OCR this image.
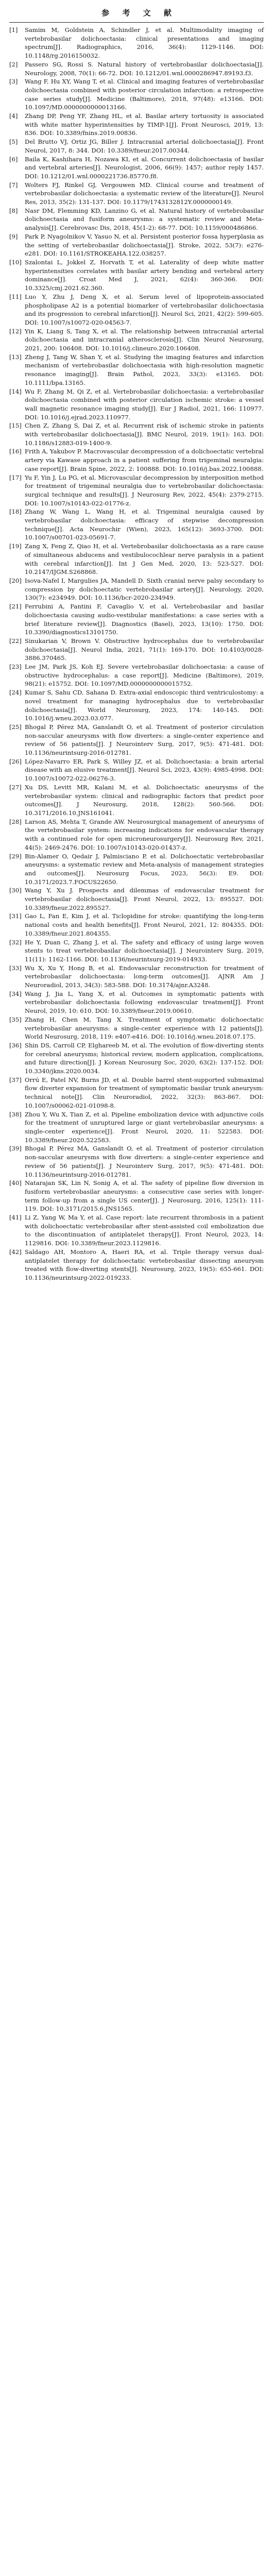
参 考 文 献
[1]	Samim M, Goldstein A, Schindler J, et al. Multimodality imaging of vertebrobasilar dolichoectasia: clinical presentations and imaging spectrum[J]. Radiographics, 2016, 36(4): 1129-1146. DOI: 10.1148/rg.2016150032.
[2]	Passero SG, Rossi S. Natural history of vertebrobasilar dolichoectasia[J]. Neurology, 2008, 70(1): 66-72. DOI: 10.1212/01.wnl.0000286947.89193.f3.
[3]	Wang F, Hu XY, Wang T, et al. Clinical and imaging features of vertebrobasilar dolichoectasia combined with posterior circulation infarction: a retrospective case series study[J]. Medicine (Baltimore), 2018, 97(48): e13166. DOI: 10.1097/MD.0000000000013166.
[4]	Zhang DP, Peng YF, Zhang HL, et al. Basilar artery tortuosity is associated with white matter hyperintensities by TIMP-1[J]. Front Neurosci, 2019, 13: 836. DOI: 10.3389/fnins.2019.00836.
[5]	Del Brutto VJ, Ortiz JG, Biller J. Intracranial arterial dolichoectasia[J]. Front Neurol, 2017, 8: 344. DOI: 10.3389/fneur.2017.00344.
[6]	Baila K, Kashihara H, Nozawa KI, et al. Concurrent dolichoectasia of basilar and vertebral arteries[J]. Neurologist, 2006, 66(9): 1457; author reply 1457. DOI: 10.1212/01.wnl.0000221736.85770.f8.
[7]	Wolters FJ, Rinkel GJ, Vergouwen MD. Clinical course and treatment of vertebrobasilar dolichoectasia: a systematic review of the literature[J]. Neurol Res, 2013, 35(2): 131-137. DOI: 10.1179/1743132812Y.0000000149.
[8]	Nasr DM, Flemming KD, Lanzino G, et al. Natural history of vertebrobasilar dolichoectasia and fusiform aneurysms: a systematic review and Meta-analysis[J]. Cerebrovasc Dis, 2018, 45(1-2): 68-77. DOI: 10.1159/000486866.
[9]	Park P, Nyagolnikov V, Yasuo N, et al. Persistent posterior fossa hyperplasia as the setting of vertebrobasilar dolichoectasia[J]. Stroke, 2022, 53(7): e276-e281. DOI: 10.1161/STROKEAHA.122.038257.
[10] Szalontai L, Jokkel Z, Horvath T, et al. Laterality of deep white matter hyperintensities correlates with basilar artery bending and vertebral artery dominance[J]. Croat Med J, 2021, 62(4): 360-366. DOI: 10.3325/cmj.2021.62.360.
[11] Luo Y, Zhu J, Deng X, et al. Serum level of lipoprotein-associated phospholipase A2 is a potential biomarker of vertebrobasilar dolichoectasia and its progression to cerebral infarction[J]. Neurol Sci, 2021, 42(2): 599-605. DOI: 10.1007/s10072-020-04563-7.
[12] Yin K, Liang S, Tang X, et al. The relationship between intracranial arterial dolichoectasia and intracranial atherosclerosis[J]. Clin Neurol Neurosurg, 2021, 200: 106408. DOI: 10.1016/j.clineuro.2020.106408.
[13] Zheng J, Tang W, Shan Y, et al. Studying the imaging features and infarction mechanism of vertebrobasilar dolichoectasia with high-resolution magnetic resonance imaging[J]. Brain Pathol, 2023, 33(3): e13165. DOI: 10.1111/bpa.13165.
[14] Wu F, Zhang M, Qi Z, et al. Vertebrobasilar dolichoectasia: a vertebrobasilar dolichoectasia combined with posterior circulation ischemic stroke: a vessel wall magnetic resonance imaging study[J]. Eur J Radiol, 2021, 166: 110977. DOI: 10.1016/j.ejrad.2023.110977.
[15] Chen Z, Zhang S, Dai Z, et al. Recurrent risk of ischemic stroke in patients with vertebrobasilar dolichoectasia[J]. BMC Neurol, 2019, 19(1): 163. DOI: 10.1186/s12883-019-1400-9.
[16] Frith A, Yakubov P. Macrovascular decompression of a dolichoectatic vertebral artery via Kawase approach in a patient suffering from trigeminal neuralgia: case report[J]. Brain Spine, 2022, 2: 100888. DOI: 10.1016/j.bas.2022.100888.
[17] Yu F, Yin J, Lu PG, et al. Microvascular decompression by interposition method for treatment of trigeminal neuralgia due to vertebrobasilar dolichoectasia: surgical technique and results[J]. J Neurosurg Rev, 2022, 45(4): 2379-2715. DOI: 10.1007/s10143-022-01776-z.
[18] Zhang W, Wang L, Wang H, et al. Trigeminal neuralgia caused by vertebrobasilar dolichoectasia: efficacy of stepwise decompression technique[J]. Acta Neurochir (Wien), 2023, 165(12): 3693-3700. DOI: 10.1007/s00701-023-05691-7.
[19] Zang X, Feng Z, Qiao H, et al. Vertebrobasilar dolichoectasia as a rare cause of simultaneous abducens and vestibulocochlear nerve paralysis in a patient with cerebral infarction[J]. Int J Gen Med, 2020, 13: 523-527. DOI: 10.2147/IJGM.S268868.
[20] Isova-Nafel I, Margulies JA, Mandell D. Sixth cranial nerve palsy secondary to compression by dolichoectatic vertebrobasilar artery[J]. Neurology, 2020, 130(7): e234949. DOI: 10.1136/bcr-2020-234949.
[21] Ferrubini A, Fantini F, Cavaglio V, et al. Vertebrobasilar and basilar dolichoectasia causing audio-vestibular manifestations: a case series with a brief literature review[J]. Diagnostics (Basel), 2023, 13(10): 1750. DOI: 10.3390/diagnostics13101750.
[22] Sinukarian V, Brown V. Obstructive hydrocephalus due to vertebrobasilar dolichoectasia[J]. Neurol India, 2021, 71(1): 169-170. DOI: 10.4103/0028-3886.370465.
[23] Lee JM, Park JS, Koh EJ. Severe vertebrobasilar dolichoectasia: a cause of obstructive hydrocephalus: a case report[J]. Medicine (Baltimore), 2019, 98(21): e15752. DOI: 10.1097/MD.0000000000015752.
[24] Kumar S, Sahu CD, Sahana D. Extra-axial endoscopic third ventriculostomy: a novel treatment for managing hydrocephalus due to vertebrobasilar dolichoectasia[J]. World Neurosurg, 2023, 174: 140-145. DOI: 10.1016/j.wneu.2023.03.077.
[25] Bhogal P, Pérez MA, Ganslandt O, et al. Treatment of posterior circulation non-saccular aneurysms with flow diverters: a single-center experience and review of 56 patients[J]. J Neurointerv Surg, 2017, 9(5): 471-481. DOI: 10.1136/neurintsurg-2016-012781.
[26] López-Navarro ER, Park S, Willey JZ, et al. Dolichoectasia: a brain arterial disease with an elusive treatment[J]. Neurol Sci, 2023, 43(9): 4985-4998. DOI: 10.1007/s10072-022-06276-3.
[27] Xu DS, Levitt MR, Kalani M, et al. Dolichoectatic aneurysms of the vertebrobasilar system: clinical and radiographic factors that predict poor outcomes[J]. J Neurosurg, 2018, 128(2): 560-566. DOI: 10.3171/2016.10.JNS161041.
[28] Larson AS, Mehta T, Grande AW. Neurosurgical management of aneurysms of the vertebrobasilar system: increasing indications for endovascular therapy with a continued role for open microneurosurgery[J]. Neurosurg Rev, 2021, 44(5): 2469-2476. DOI: 10.1007/s10143-020-01437-z.
[29] Bin-Alamer O, Qedair J, Palmisciano P, et al. Dolichoectatic vertebrobasilar aneurysms: a systematic review and Meta-analysis of management strategies and outcomes[J]. Neurosurg Focus, 2023, 56(3): E9. DOI: 10.3171/2023.7.FOCUS22650.
[30] Wang Y, Xu J. Prospects and dilemmas of endovascular treatment for vertebrobasilar dolichoectasia[J]. Front Neurol, 2022, 13: 895527. DOI: 10.3389/fneur.2022.895527.
[31] Gao L, Fan E, Kim J, et al. Ticlopidine for stroke: quantifying the long-term national costs and health benefits[J]. Front Neurol, 2021, 12: 804355. DOI: 10.3389/fneur.2021.804355.
[32] He Y, Duan C, Zhang J, et al. The safety and efficacy of using large woven stents to treat vertebrobasilar dolichoectasia[J]. J Neurointerv Surg, 2019, 11(11): 1162-1166. DOI: 10.1136/neurintsurg-2019-014933.
[33] Wu X, Xu Y, Hong B, et al. Endovascular reconstruction for treatment of vertebrobasilar dolichoectasia: long-term outcomes[J]. AJNR Am J Neuroradiol, 2013, 34(3): 583-588. DOI: 10.3174/ajnr.A3248.
[34] Wang J, Jia L, Yang X, et al. Outcomes in symptomatic patients with vertebrobasilar dolichoectasia following endovascular treatment[J]. Front Neurol, 2019, 10: 610. DOI: 10.3389/fneur.2019.00610.
[35] Zhang H, Chen M, Tang X. Treatment of symptomatic dolichoectatic vertebrobasilar aneurysms: a single-center experience with 12 patients[J]. World Neurosurg, 2018, 119: e407-e416. DOI: 10.1016/j.wneu.2018.07.175.
[36] Shin DS, Carroll CP, Elghareeb M, et al. The evolution of flow-diverting stents for cerebral aneurysms; historical review, modern application, complications, and future direction[J]. J Korean Neurosurg Soc, 2020, 63(2): 137-152. DOI: 10.3340/jkns.2020.0034.
[37] Orrú E, Patel NV, Burns JD, et al. Double barrel stent-supported submaximal flow diverter expansion for treatment of symptomatic basilar trunk aneurysm: technical note[J]. Clin Neuroradiol, 2022, 32(3): 863-867. DOI: 10.1007/s00062-021-01098-8.
[38] Zhou Y, Wu X, Tian Z, et al. Pipeline embolization device with adjunctive coils for the treatment of unruptured large or giant vertebrobasilar aneurysms: a single-center experience[J]. Front Neurol, 2020, 11: 522583. DOI: 10.3389/fneur.2020.522583.
[39] Bhogal P, Pérez MA, Ganslandt O, et al. Treatment of posterior circulation non-saccular aneurysms with flow diverters: a single-center experience and review of 56 patients[J]. J Neurointerv Surg, 2017, 9(5): 471-481. DOI: 10.1136/neurintsurg-2016-012781.
[40] Natarajan SK, Lin N, Sonig A, et al. The safety of pipeline flow diversion in fusiform vertebrobasilar aneurysms: a consecutive case series with longer-term follow-up from a single US center[J]. J Neurosurg, 2016, 125(1): 111-119. DOI: 10.3171/2015.6.JNS1565.
[41] Li Z, Yang W, Ma Y, et al. Case report: late recurrent thrombosis in a patient with dolichoectatic vertebrobasilar after stent-assisted coil embolization due to the discontinuation of antiplatelet therapy[J]. Front Neurol, 2023, 14: 1129816. DOI: 10.3389/fneur.2023.1129816.
[42] Saldago AH, Montoro A, Haeri RA, et al. Triple therapy versus dual-antiplatelet therapy for dolichoectatic vertebrobasilar dissecting aneurysm treated with flow-diverting stents[J]. Neurosurg, 2023, 19(5): 655-661. DOI: 10.1136/neurintsurg-2022-019233.
